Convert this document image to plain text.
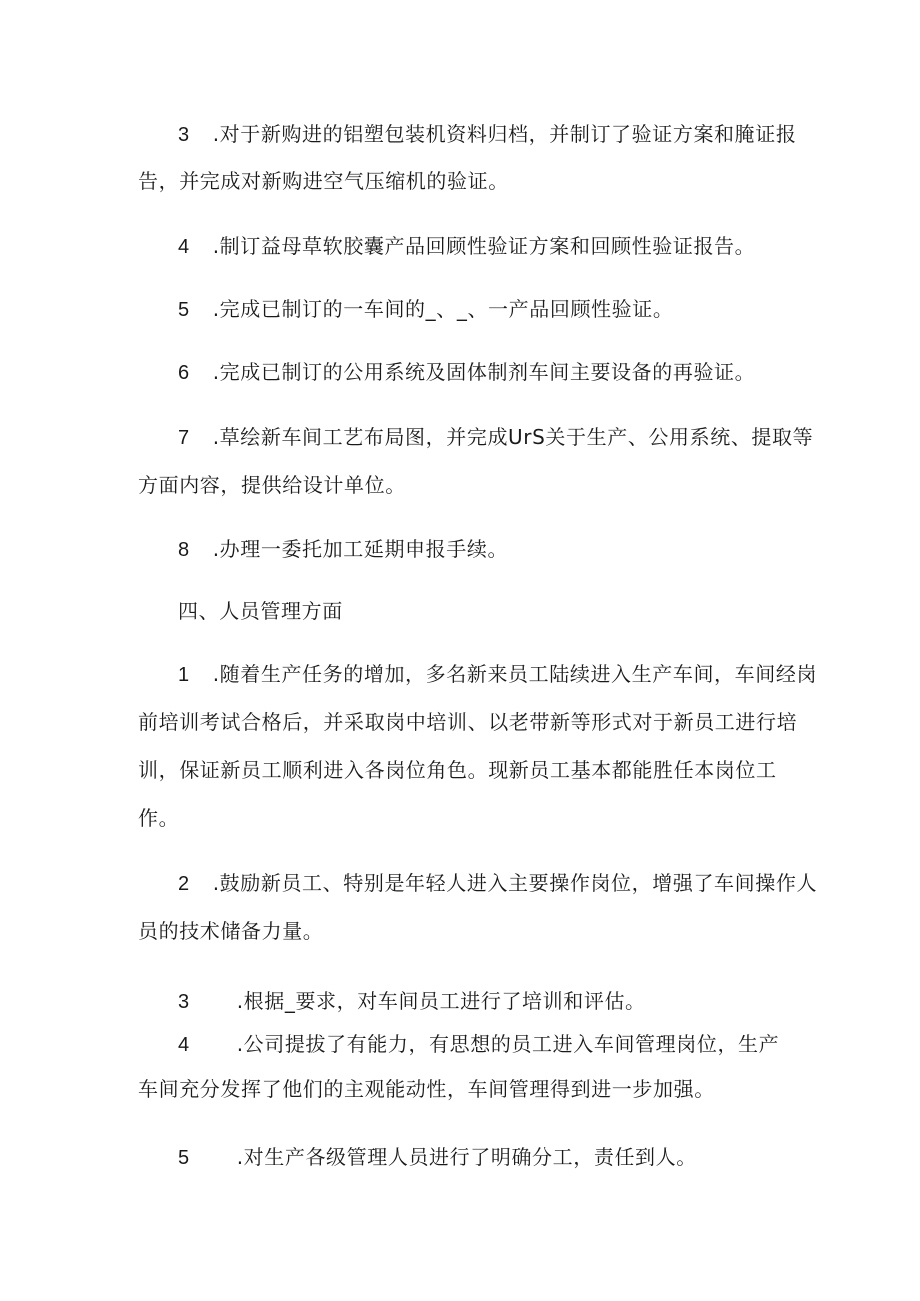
3 .对于新购进的铝塑包装机资料归档，并制订了验证方案和腌证报
告，并完成对新购进空气压缩机的验证。
4 .制订益母草软胶囊产品回顾性验证方案和回顾性验证报告。
5 .完成已制订的一车间的_、_、一产品回顾性验证。
6 .完成已制订的公用系统及固体制剂车间主要设备的再验证。
7 .草绘新车间工艺布局图，并完成UrS关于生产、公用系统、提取等
方面内容，提供给设计单位。
8 .办理一委托加工延期申报手续。
四、人员管理方面
1 .随着生产任务的增加，多名新来员工陆续进入生产车间，车间经岗
前培训考试合格后，并采取岗中培训、以老带新等形式对于新员工进行培
训，保证新员工顺利进入各岗位角色。现新员工基本都能胜任本岗位工
作。
2 .鼓励新员工、特别是年轻人进入主要操作岗位，增强了车间操作人
员的技术储备力量。
3 .根据_要求，对车间员工进行了培训和评估。
4 .公司提拔了有能力，有思想的员工进入车间管理岗位，生产
车间充分发挥了他们的主观能动性，车间管理得到进一步加强。
5 .对生产各级管理人员进行了明确分工，责任到人。
